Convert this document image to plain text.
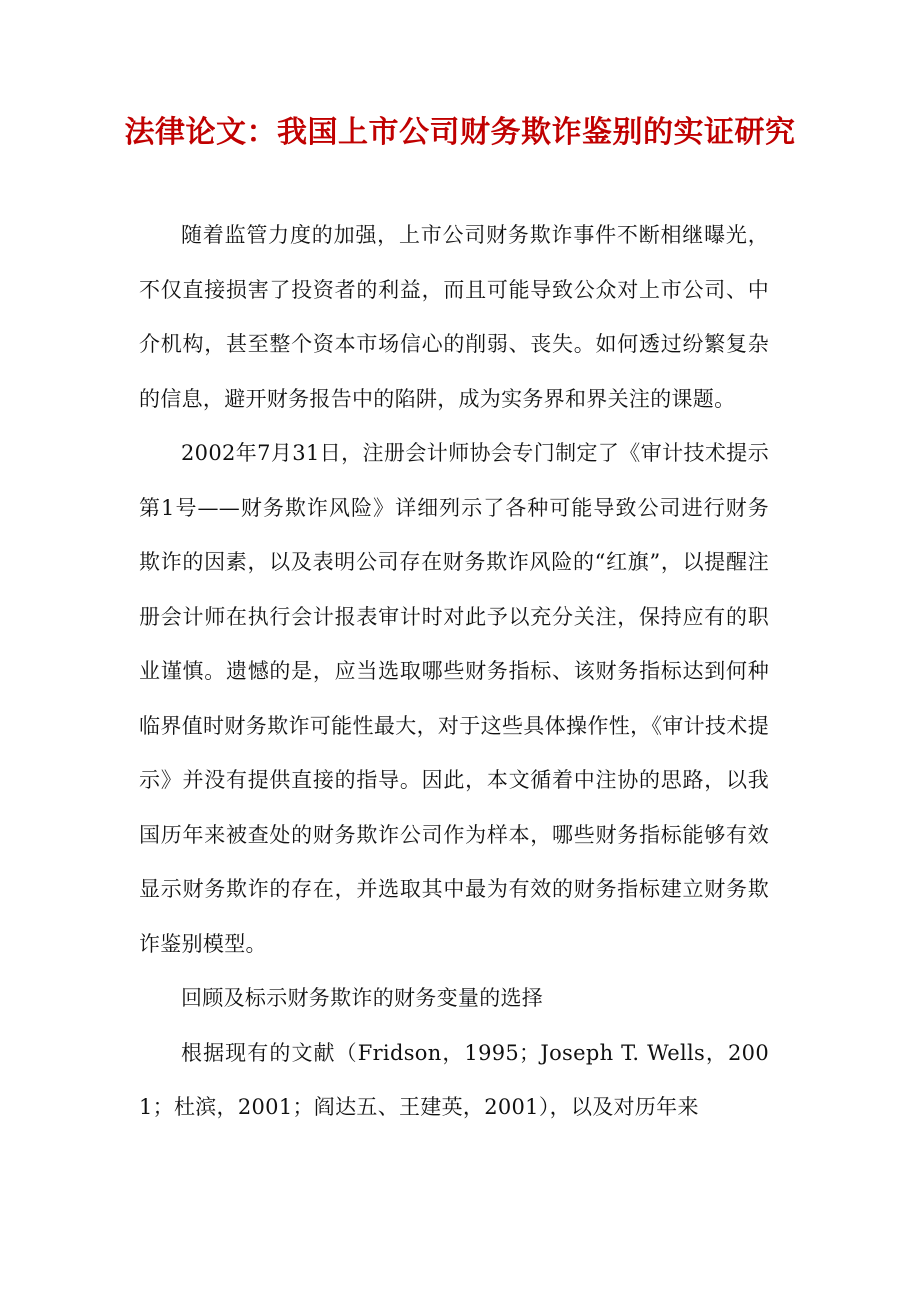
法律论文：我国上市公司财务欺诈鉴别的实证研究

随着监管力度的加强，上市公司财务欺诈事件不断相继曝光，不仅直接损害了投资者的利益，而且可能导致公众对上市公司、中介机构，甚至整个资本市场信心的削弱、丧失。如何透过纷繁复杂的信息，避开财务报告中的陷阱，成为实务界和界关注的课题。

2002年7月31日，注册会计师协会专门制定了《审计技术提示第1号——财务欺诈风险》详细列示了各种可能导致公司进行财务欺诈的因素，以及表明公司存在财务欺诈风险的“红旗”，以提醒注册会计师在执行会计报表审计时对此予以充分关注，保持应有的职业谨慎。遗憾的是，应当选取哪些财务指标、该财务指标达到何种临界值时财务欺诈可能性最大，对于这些具体操作性，《审计技术提示》并没有提供直接的指导。因此，本文循着中注协的思路，以我国历年来被查处的财务欺诈公司作为样本，哪些财务指标能够有效显示财务欺诈的存在，并选取其中最为有效的财务指标建立财务欺诈鉴别模型。

回顾及标示财务欺诈的财务变量的选择

根据现有的文献（Fridson，1995；Joseph T. Wells，2001；杜滨，2001；阎达五、王建英，2001），以及对历年来
